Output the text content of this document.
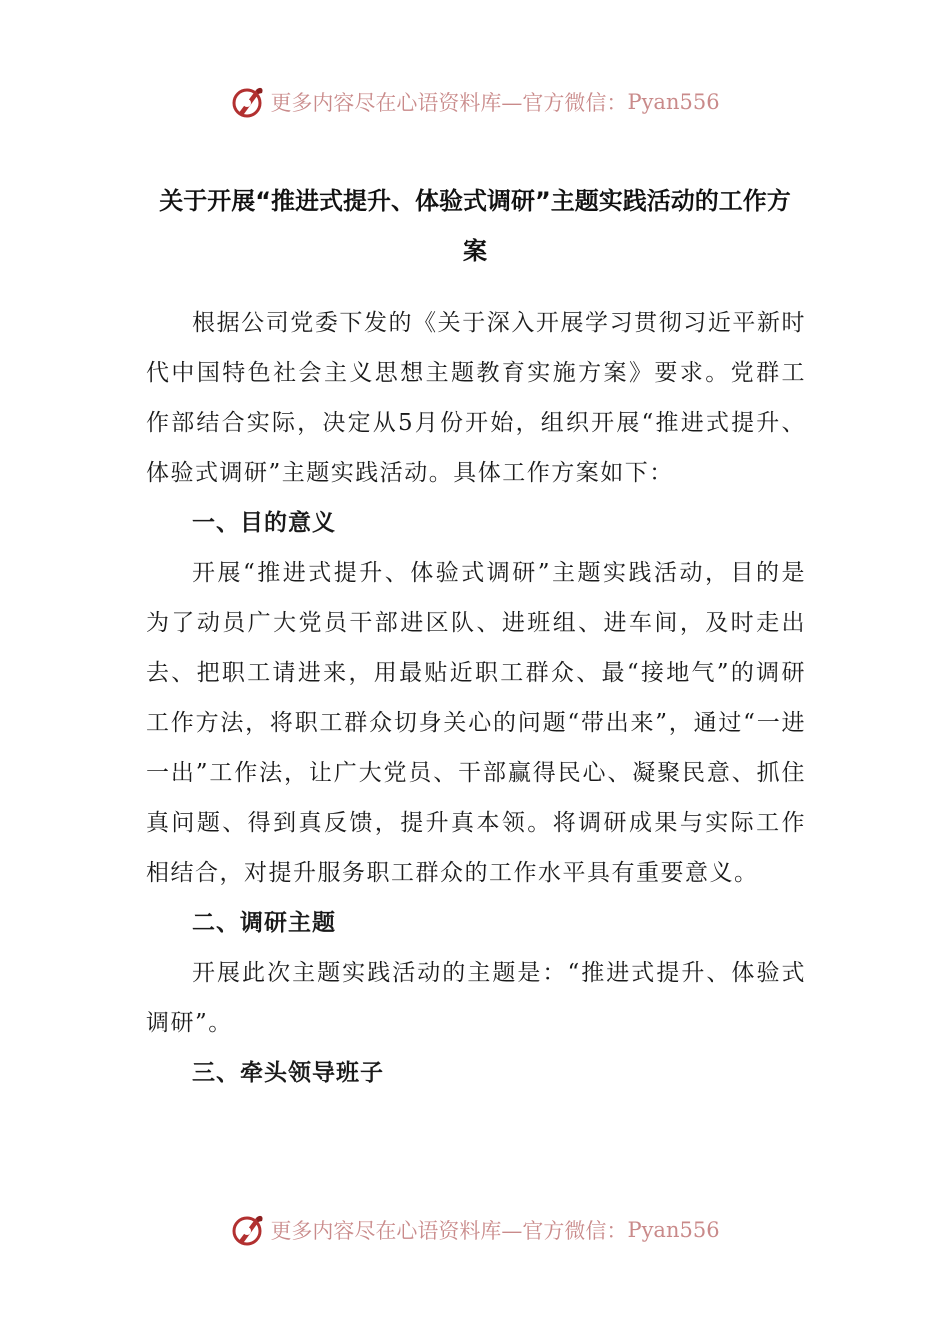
更多内容尽在心语资料库—官方微信： Pyan556
关于开展“推进式提升、体验式调研”主题实践活动的工作方案

根据公司党委下发的《关于深入开展学习贯彻习近平新时代中国特色社会主义思想主题教育实施方案》要求。党群工作部结合实际，决定从5月份开始，组织开展“推进式提升、体验式调研”主题实践活动。具体工作方案如下：

一、目的意义

开展“推进式提升、体验式调研”主题实践活动，目的是为了动员广大党员干部进区队、进班组、进车间，及时走出去、把职工请进来，用最贴近职工群众、最“接地气”的调研工作方法，将职工群众切身关心的问题“带出来”，通过“一进一出”工作法，让广大党员、干部赢得民心、凝聚民意、抓住真问题、得到真反馈，提升真本领。将调研成果与实际工作相结合，对提升服务职工群众的工作水平具有重要意义。

二、调研主题

开展此次主题实践活动的主题是：“推进式提升、体验式调研”。

三、牵头领导班子

更多内容尽在心语资料库—官方微信： Pyan556
